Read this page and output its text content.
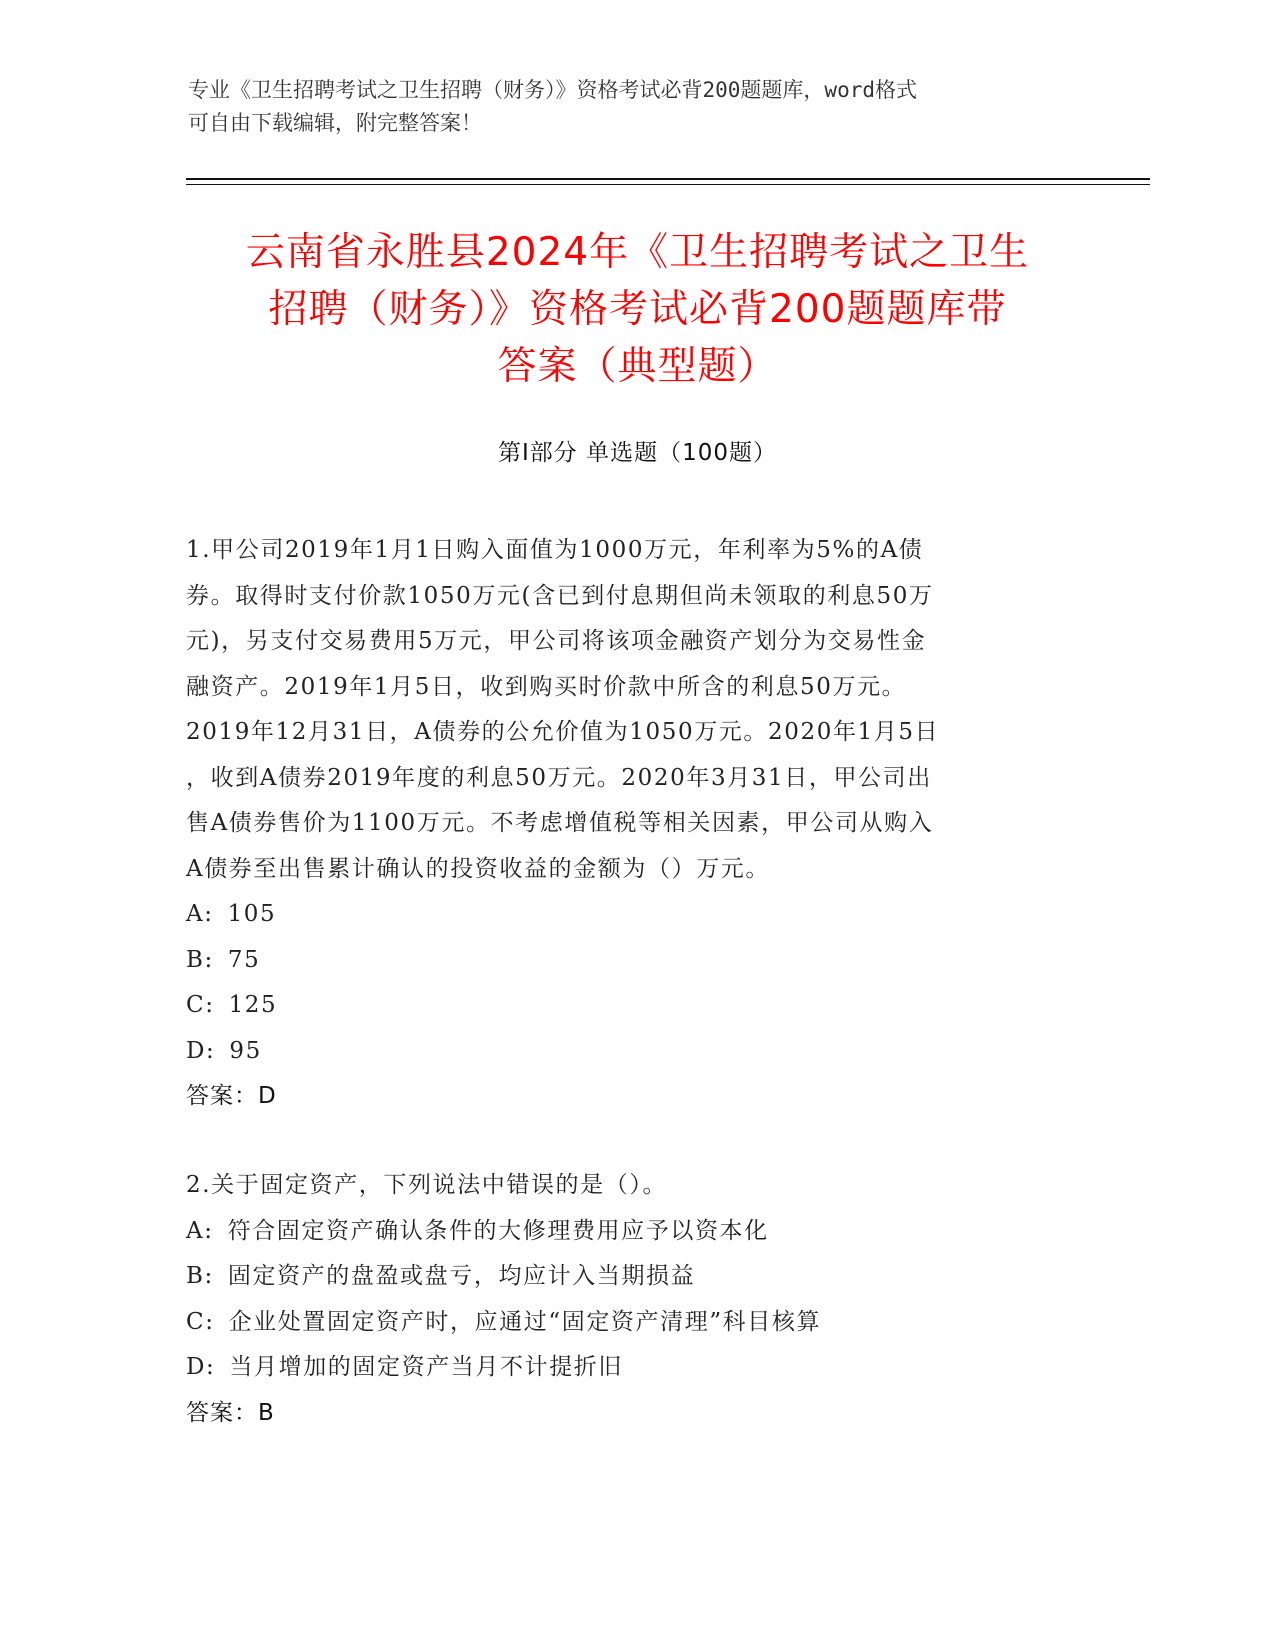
专业《卫生招聘考试之卫生招聘（财务）》资格考试必背200题题库，word格式
可自由下载编辑，附完整答案！
云南省永胜县2024年《卫生招聘考试之卫生
招聘（财务）》资格考试必背200题题库带
答案（典型题）
第Ⅰ部分 单选题（100题）
1.甲公司2019年1月1日购入面值为1000万元，年利率为5%的A债
券。取得时支付价款1050万元(含已到付息期但尚未领取的利息50万
元)，另支付交易费用5万元，甲公司将该项金融资产划分为交易性金
融资产。2019年1月5日，收到购买时价款中所含的利息50万元。
2019年12月31日，A债券的公允价值为1050万元。2020年1月5日
，收到A债券2019年度的利息50万元。2020年3月31日，甲公司出
售A债券售价为1100万元。不考虑增值税等相关因素，甲公司从购入
A债券至出售累计确认的投资收益的金额为（）万元。
A: 105
B: 75
C: 125
D: 95
答案：D
2.关于固定资产，下列说法中错误的是（）。
A: 符合固定资产确认条件的大修理费用应予以资本化
B: 固定资产的盘盈或盘亏，均应计入当期损益
C: 企业处置固定资产时，应通过“固定资产清理”科目核算
D: 当月增加的固定资产当月不计提折旧
答案：B
